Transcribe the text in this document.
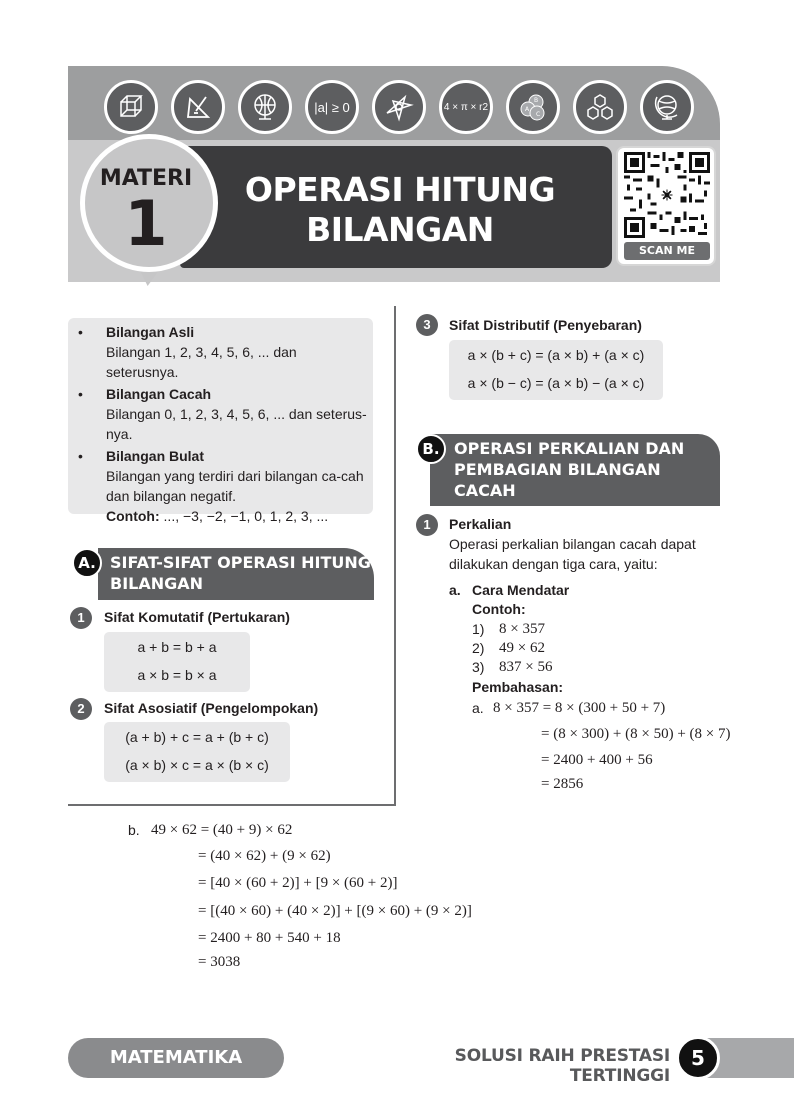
|a| ≥ 0	4 × π × r2
B
A
C
OPERASI HITUNG
BILANGAN
MATERI
1	SCAN ME
• Bilangan Asli
Bilangan 1, 2, 3, 4, 5, 6, ... dan seterusnya.
• Bilangan Cacah
Bilangan 0, 1, 2, 3, 4, 5, 6, ... dan seterus-nya.
• Bilangan Bulat
Bilangan yang terdiri dari bilangan ca-cah dan bilangan negatif.
Contoh: ..., −3, −2, −1, 0, 1, 2, 3, ...
SIFAT-SIFAT OPERASI HITUNG
BILANGAN
A.
1	Sifat Komutatif (Pertukaran)
a + b = b + a
a × b = b × a
2	Sifat Asosiatif (Pengelompokan)
(a + b) + c = a + (b + c)
(a × b) × c = a × (b × c)
3	Sifat Distributif (Penyebaran)
a × (b + c) = (a × b) + (a × c)
a × (b − c) = (a × b) − (a × c)
OPERASI PERKALIAN DAN
PEMBAGIAN BILANGAN
CACAH
B.
1	Perkalian
Operasi perkalian bilangan cacah dapat
dilakukan dengan tiga cara, yaitu:
a. Cara Mendatar
Contoh:
1) 8 × 357
2) 49 × 62
3) 837 × 56
Pembahasan:
a. 8 × 357 = 8 × (300 + 50 + 7)
= (8 × 300) + (8 × 50) + (8 × 7)
= 2400 + 400 + 56
= 2856
b. 49 × 62 = (40 + 9) × 62
= (40 × 62) + (9 × 62)
= [40 × (60 + 2)] + [9 × (60 + 2)]
= [(40 × 60) + (40 × 2)] + [(9 × 60) + (9 × 2)]
= 2400 + 80 + 540 + 18
= 3038
MATEMATIKA	SOLUSI RAIH PRESTASI TERTINGGI
5
